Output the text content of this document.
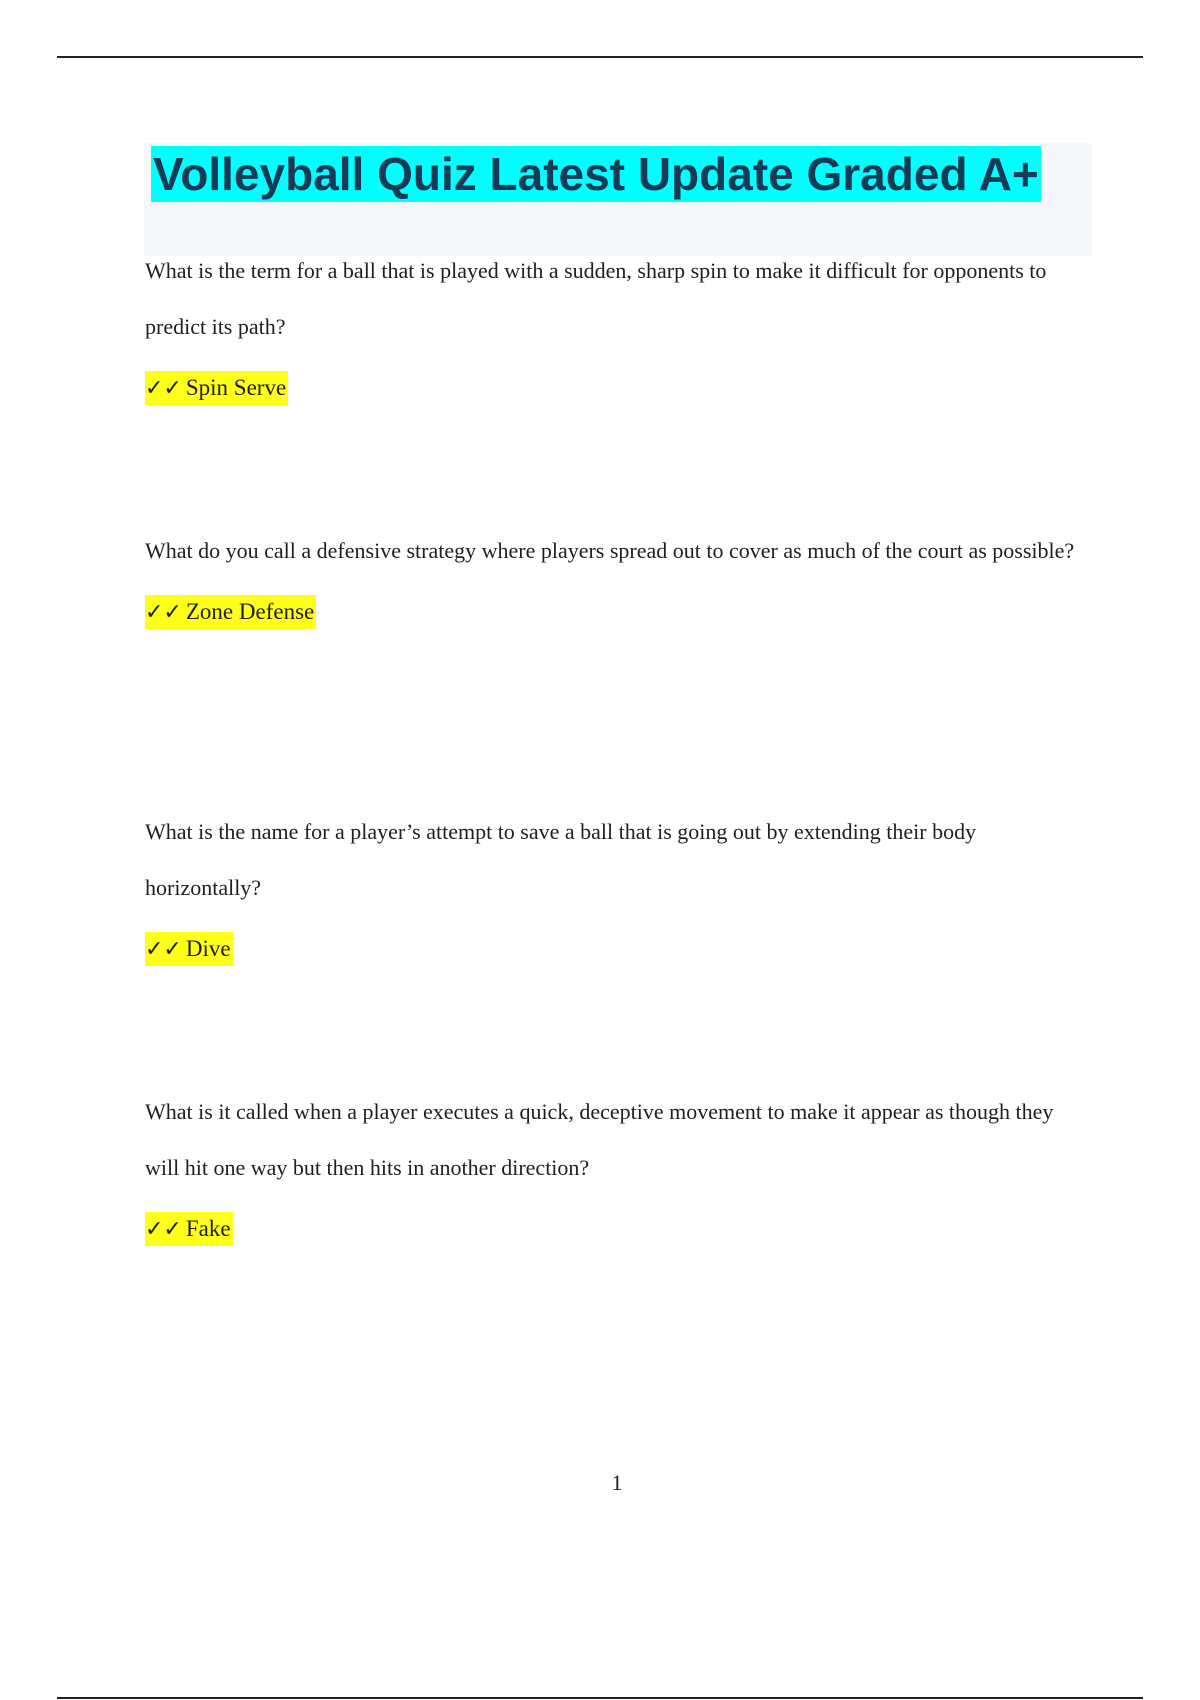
Volleyball Quiz Latest Update Graded A+

What is the term for a ball that is played with a sudden, sharp spin to make it difficult for opponents to predict its path?

✓✓ Spin Serve

What do you call a defensive strategy where players spread out to cover as much of the court as possible?

✓✓ Zone Defense

What is the name for a player’s attempt to save a ball that is going out by extending their body horizontally?

✓✓ Dive

What is it called when a player executes a quick, deceptive movement to make it appear as though they will hit one way but then hits in another direction?

✓✓ Fake
1
